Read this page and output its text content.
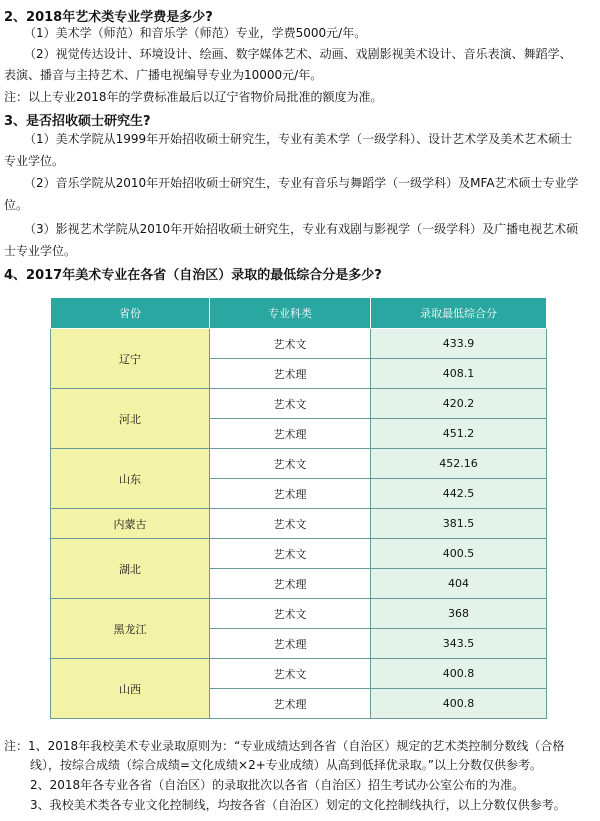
2、2018年艺术类专业学费是多少?
（1）美术学（师范）和音乐学（师范）专业，学费5000元/年。
（2）视觉传达设计、环境设计、绘画、数字媒体艺术、动画、戏剧影视美术设计、音乐表演、舞蹈学、
表演、播音与主持艺术、广播电视编导专业为10000元/年。
注：以上专业2018年的学费标准最后以辽宁省物价局批准的额度为准。
3、是否招收硕士研究生?
（1）美术学院从1999年开始招收硕士研究生，专业有美术学（一级学科）、设计艺术学及美术艺术硕士
专业学位。
（2）音乐学院从2010年开始招收硕士研究生，专业有音乐与舞蹈学（一级学科）及MFA艺术硕士专业学
位。
（3）影视艺术学院从2010年开始招收硕士研究生，专业有戏剧与影视学（一级学科）及广播电视艺术硕
士专业学位。
4、2017年美术专业在各省（自治区）录取的最低综合分是多少?
省份	专业科类	录取最低综合分
辽宁	艺术文	433.9
	艺术理	408.1
河北	艺术文	420.2
	艺术理	451.2
山东	艺术文	452.16
	艺术理	442.5
内蒙古	艺术文	381.5
湖北	艺术文	400.5
	艺术理	404
黑龙江	艺术文	368
	艺术理	343.5
山西	艺术文	400.8
	艺术理	400.8
注：1、2018年我校美术专业录取原则为：“专业成绩达到各省（自治区）规定的艺术类控制分数线（合格
线），按综合成绩（综合成绩=文化成绩×2+专业成绩）从高到低择优录取。”以上分数仅供参考。
2、2018年各专业各省（自治区）的录取批次以各省（自治区）招生考试办公室公布的为准。
3、我校美术类各专业文化控制线，均按各省（自治区）划定的文化控制线执行，以上分数仅供参考。
